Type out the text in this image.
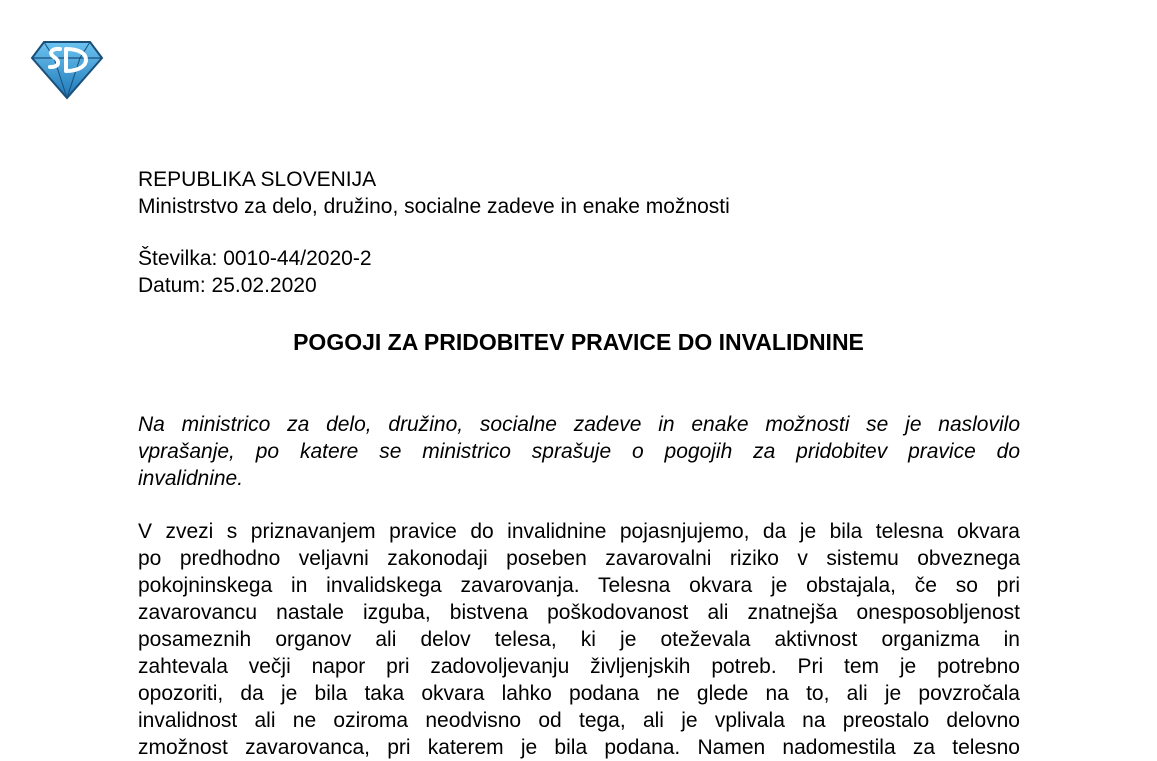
REPUBLIKA SLOVENIJA
Ministrstvo za delo, družino, socialne zadeve in enake možnosti
Številka: 0010-44/2020-2
Datum: 25.02.2020
POGOJI ZA PRIDOBITEV PRAVICE DO INVALIDNINE
Na ministrico za delo, družino, socialne zadeve in enake možnosti se je naslovilo
vprašanje, po katere se ministrico sprašuje o pogojih za pridobitev pravice do
invalidnine.
V zvezi s priznavanjem pravice do invalidnine pojasnjujemo, da je bila telesna okvara
po predhodno veljavni zakonodaji poseben zavarovalni riziko v sistemu obveznega
pokojninskega in invalidskega zavarovanja. Telesna okvara je obstajala, če so pri
zavarovancu nastale izguba, bistvena poškodovanost ali znatnejša onesposobljenost
posameznih organov ali delov telesa, ki je oteževala aktivnost organizma in
zahtevala večji napor pri zadovoljevanju življenjskih potreb. Pri tem je potrebno
opozoriti, da je bila taka okvara lahko podana ne glede na to, ali je povzročala
invalidnost ali ne oziroma neodvisno od tega, ali je vplivala na preostalo delovno
zmožnost zavarovanca, pri katerem je bila podana. Namen nadomestila za telesno
